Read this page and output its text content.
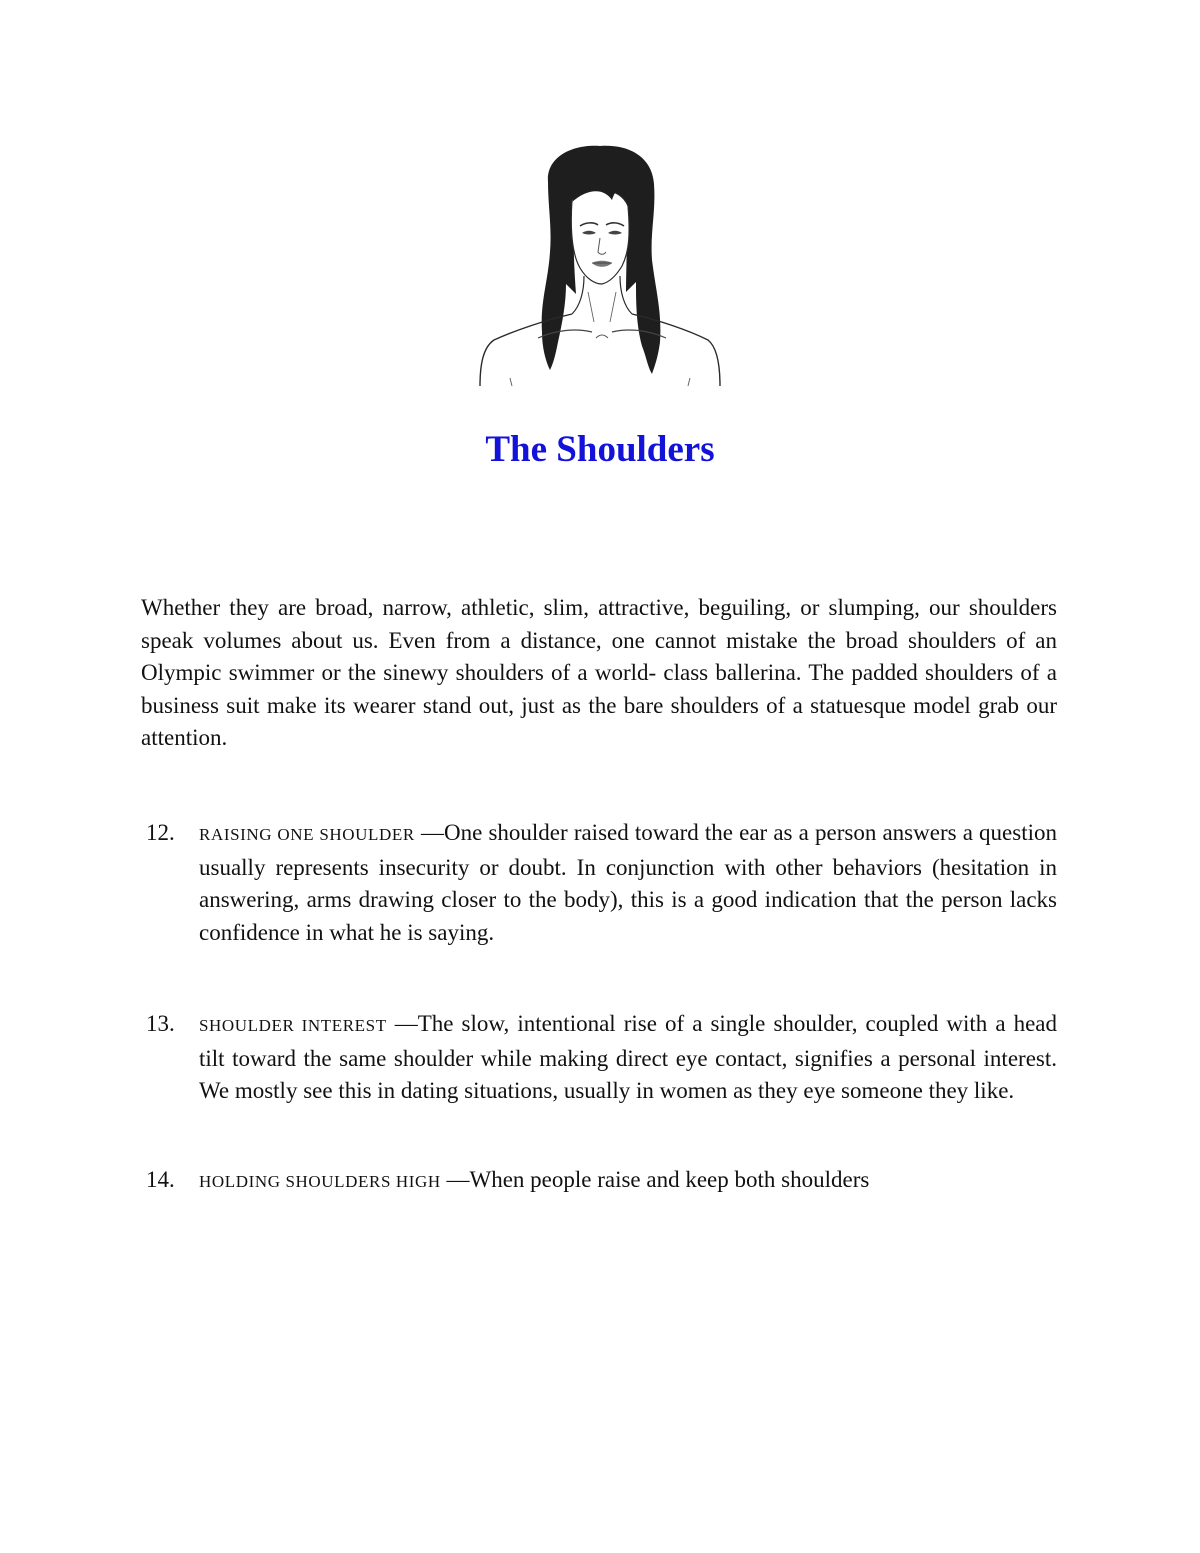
The Shoulders

Whether they are broad, narrow, athletic, slim, attractive, beguiling, or slumping, our shoulders speak volumes about us. Even from a distance, one cannot mistake the broad shoulders of an Olympic swimmer or the sinewy shoulders of a world- class ballerina. The padded shoulders of a business suit make its wearer stand out, just as the bare shoulders of a statuesque model grab our attention.

12.	RAISING ONE SHOULDER —One shoulder raised toward the ear as a person answers a question usually represents insecurity or doubt. In conjunction with other behaviors (hesitation in answering, arms drawing closer to the body), this is a good indication that the person lacks confidence in what he is saying.
13.	SHOULDER INTEREST —The slow, intentional rise of a single shoulder, coupled with a head tilt toward the same shoulder while making direct eye contact, signifies a personal interest. We mostly see this in dating situations, usually in women as they eye someone they like.
14.	HOLDING SHOULDERS HIGH —When people raise and keep both shoulders
